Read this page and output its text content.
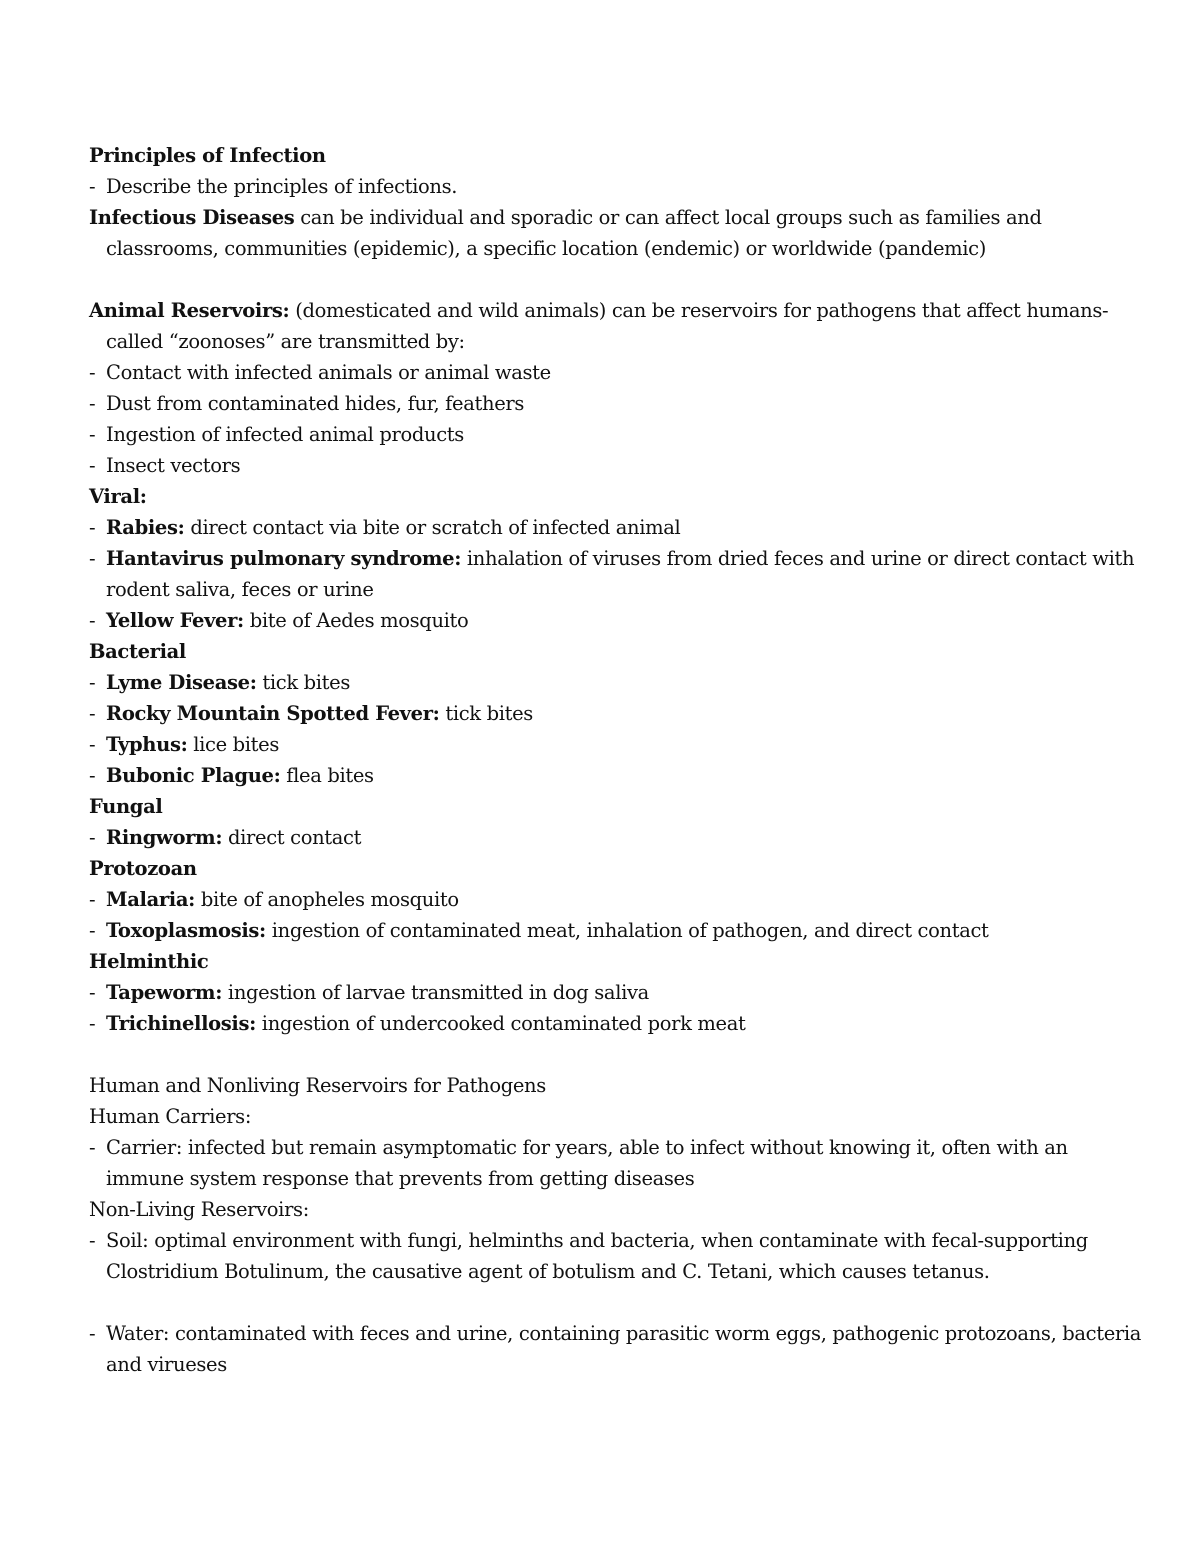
Principles of Infection
- Describe the principles of infections.
Infectious Diseases can be individual and sporadic or can affect local groups such as families and classrooms, communities (epidemic), a specific location (endemic) or worldwide (pandemic)
Animal Reservoirs: (domesticated and wild animals) can be reservoirs for pathogens that affect humans- called “zoonoses” are transmitted by:
- Contact with infected animals or animal waste
- Dust from contaminated hides, fur, feathers
- Ingestion of infected animal products
- Insect vectors
Viral:
- Rabies: direct contact via bite or scratch of infected animal
- Hantavirus pulmonary syndrome: inhalation of viruses from dried feces and urine or direct contact with rodent saliva, feces or urine
- Yellow Fever: bite of Aedes mosquito
Bacterial
- Lyme Disease: tick bites
- Rocky Mountain Spotted Fever: tick bites
- Typhus: lice bites
- Bubonic Plague: flea bites
Fungal
- Ringworm: direct contact
Protozoan
- Malaria: bite of anopheles mosquito
- Toxoplasmosis: ingestion of contaminated meat, inhalation of pathogen, and direct contact
Helminthic
- Tapeworm: ingestion of larvae transmitted in dog saliva
- Trichinellosis: ingestion of undercooked contaminated pork meat
Human and Nonliving Reservoirs for Pathogens
Human Carriers:
- Carrier: infected but remain asymptomatic for years, able to infect without knowing it, often with an immune system response that prevents from getting diseases
Non-Living Reservoirs:
- Soil: optimal environment with fungi, helminths and bacteria, when contaminate with fecal-supporting Clostridium Botulinum, the causative agent of botulism and C. Tetani, which causes tetanus.
- Water: contaminated with feces and urine, containing parasitic worm eggs, pathogenic protozoans, bacteria and virueses
